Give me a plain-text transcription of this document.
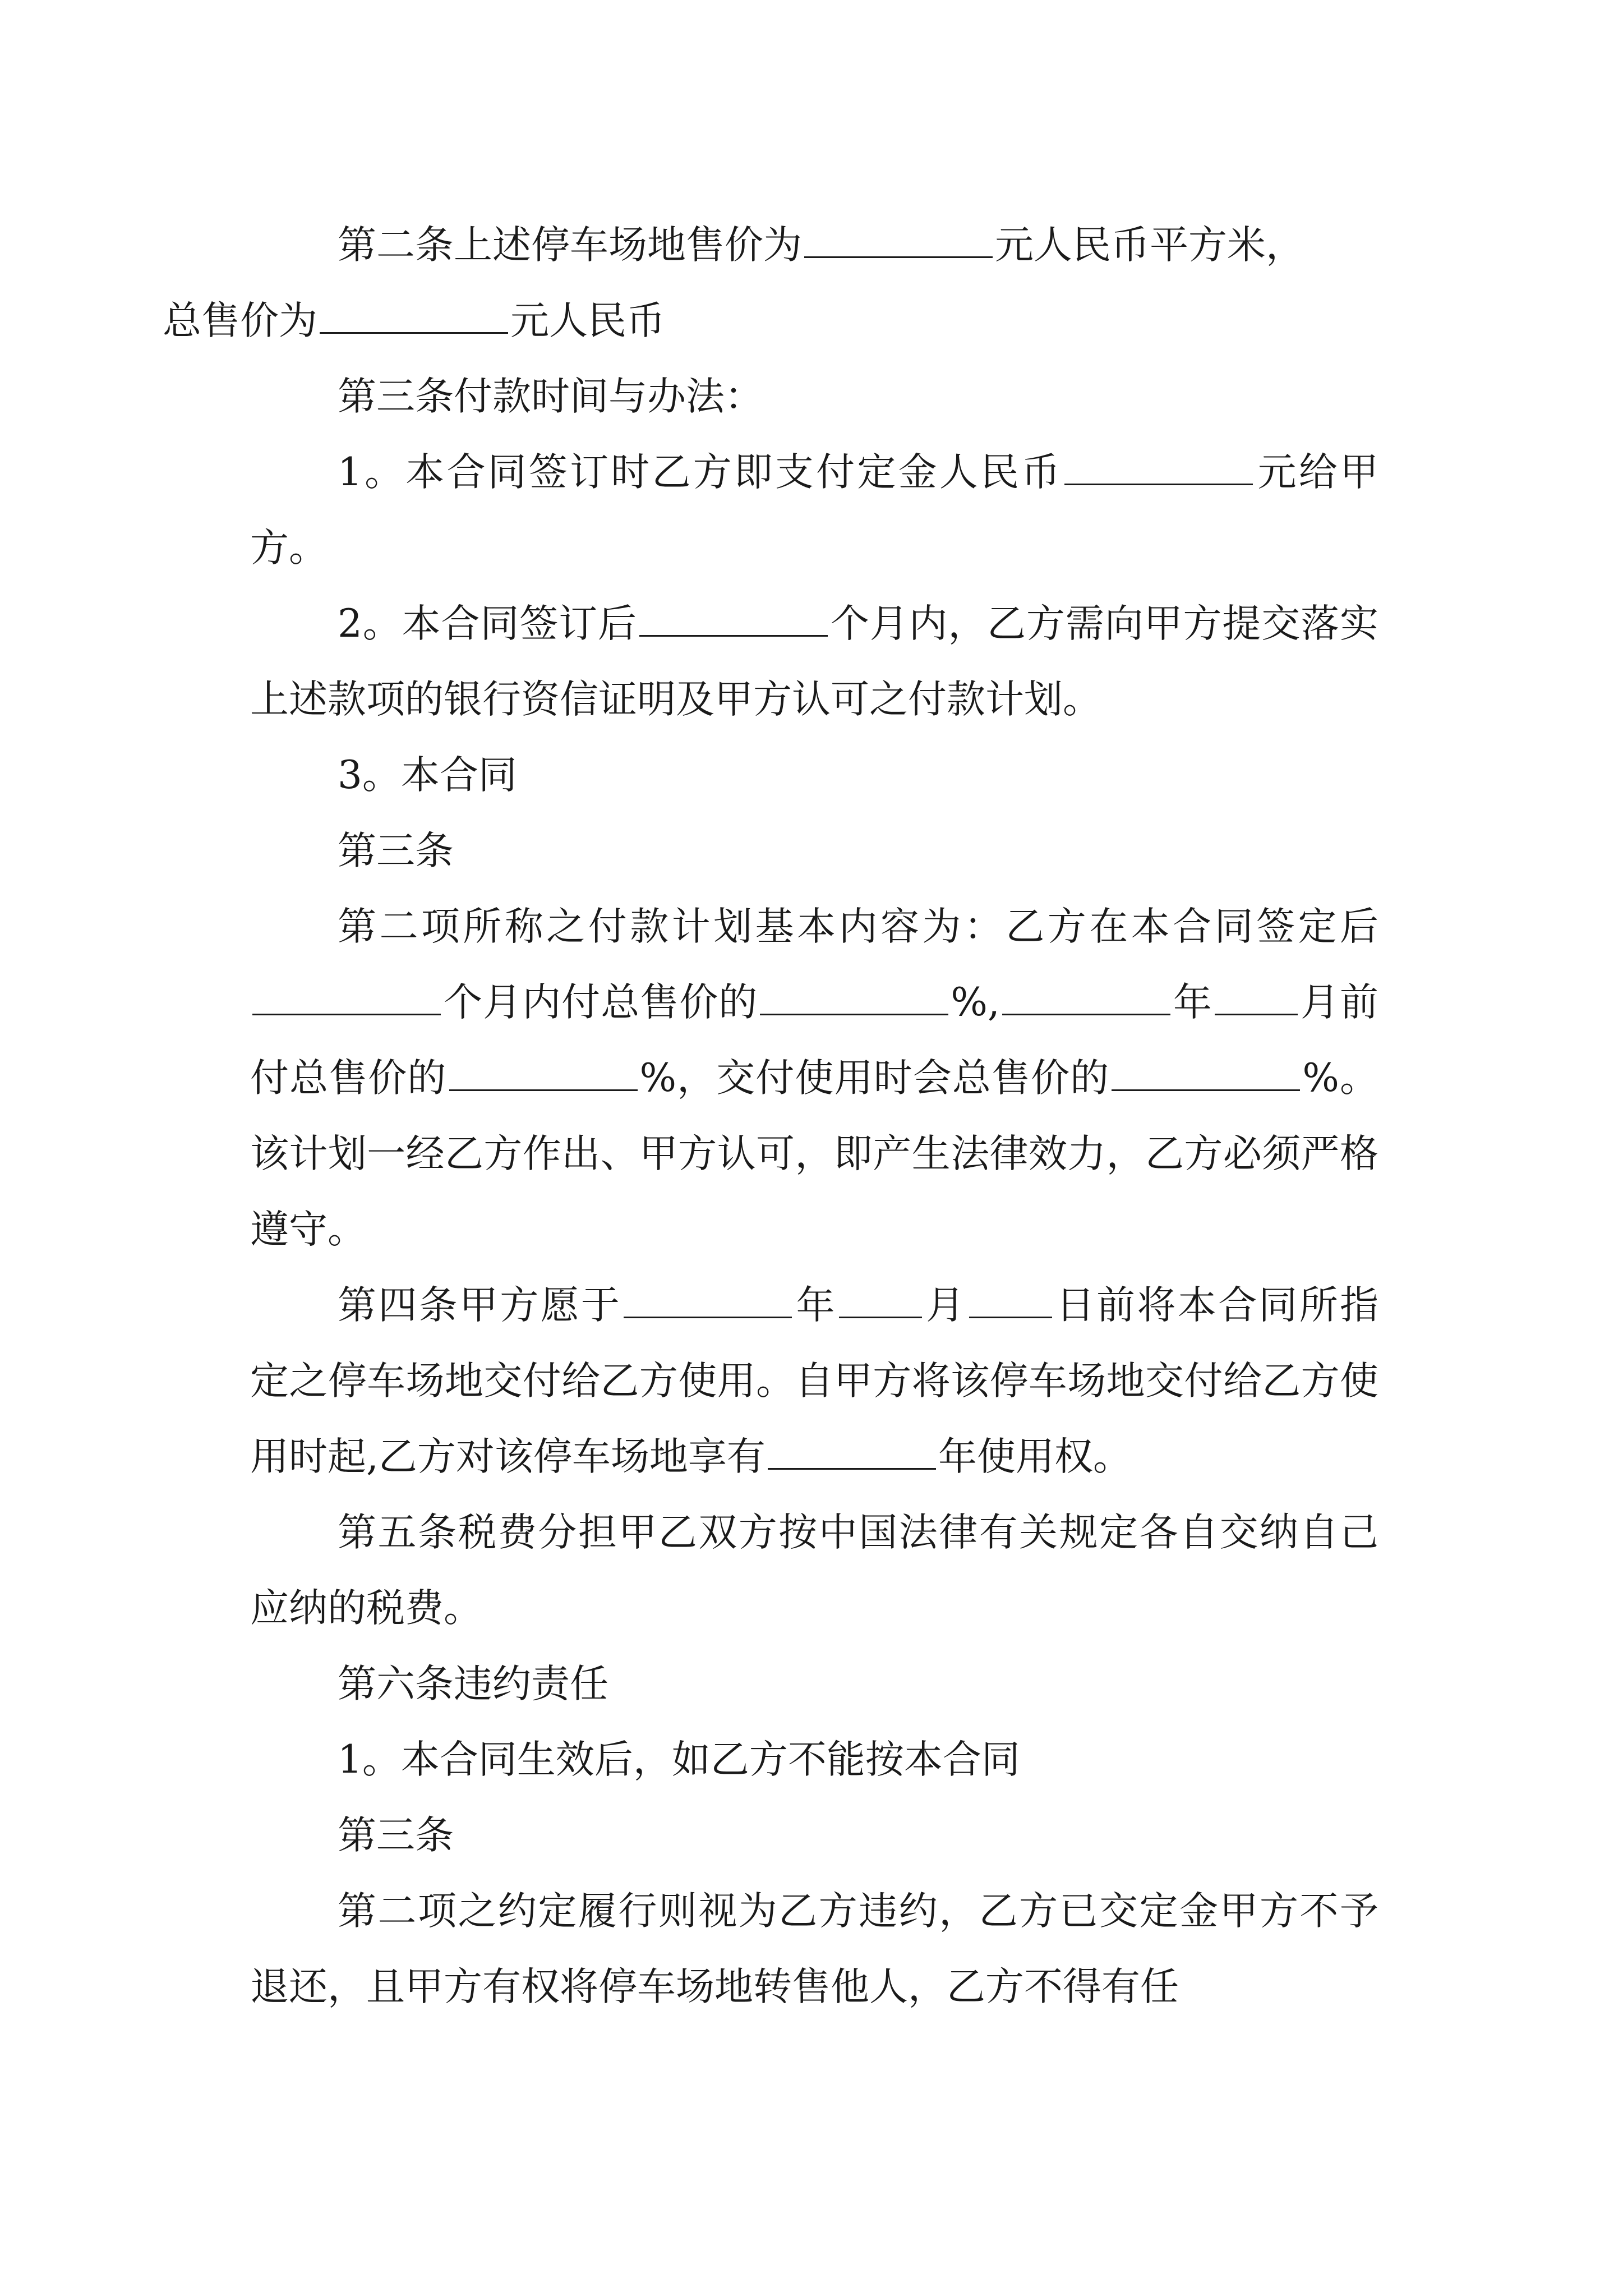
第二条上述停车场地售价为	元人民币平方米，
总售价为	元人民币

第三条付款时间与办法：

1。本合同签订时乙方即支付定金人民币	元给甲方。

2。本合同签订后	个月内，乙方需向甲方提交落实上述款项的银行资信证明及甲方认可之付款计划。

3。本合同

第三条

第二项所称之付款计划基本内容为：乙方在本合同签定后个月内付总售价的	%,	年 月前付总售价的	%，交付使用时会总售价的	%。该计划一经乙方作出、甲方认可，即产生法律效力，乙方必须严格遵守。

第四条甲方愿于	年 月 日前将本合同所指定之停车场地交付给乙方使用。自甲方将该停车场地交付给乙方使用时起,乙方对该停车场地享有	年使用权。

第五条税费分担甲乙双方按中国法律有关规定各自交纳自己应纳的税费。

第六条违约责任

1。本合同生效后，如乙方不能按本合同

第三条

第二项之约定履行则视为乙方违约，乙方已交定金甲方不予退还，且甲方有权将停车场地转售他人，乙方不得有任
